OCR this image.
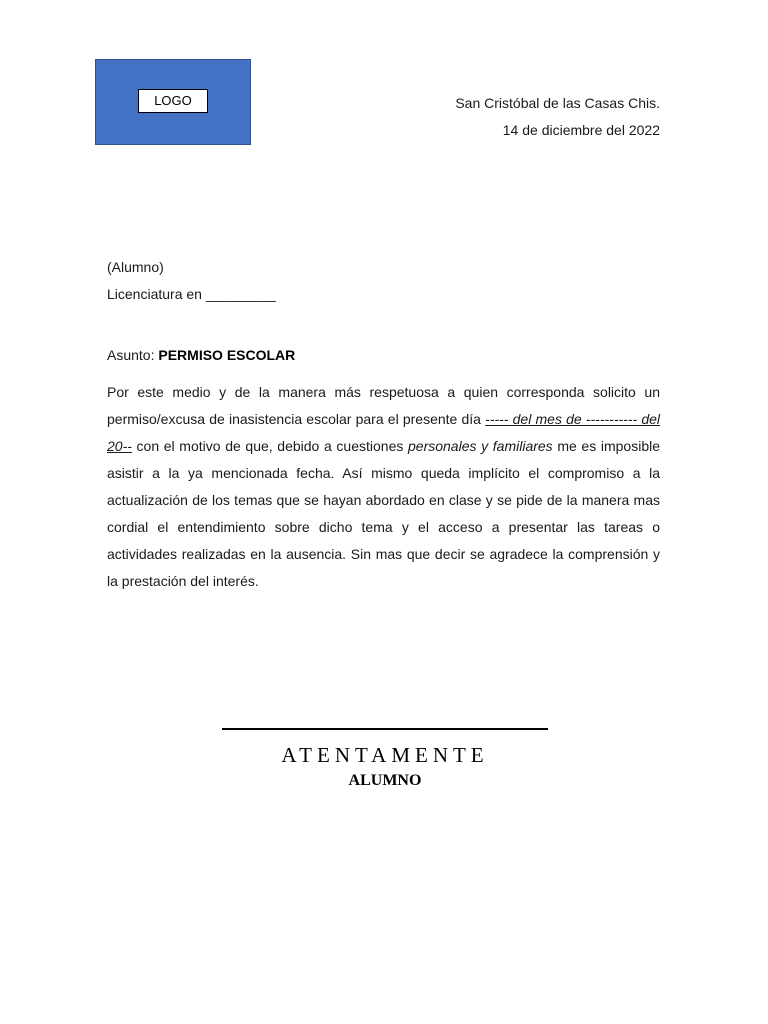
LOGO	San Cristóbal de las Casas Chis.
14 de diciembre del 2022
(Alumno)
Licenciatura en _________
Asunto: PERMISO ESCOLAR
Por este medio y de la manera más respetuosa a quien corresponda solicito un permiso/excusa de inasistencia escolar para el presente día ----- del mes de ----------- del 20-- con el motivo de que, debido a cuestiones personales y familiares me es imposible asistir a la ya mencionada fecha. Así mismo queda implícito el compromiso a la actualización de los temas que se hayan abordado en clase y se pide de la manera mas cordial el entendimiento sobre dicho tema y el acceso a presentar las tareas o actividades realizadas en la ausencia. Sin mas que decir se agradece la comprensión y la prestación del interés.
ATENTAMENTE
ALUMNO
